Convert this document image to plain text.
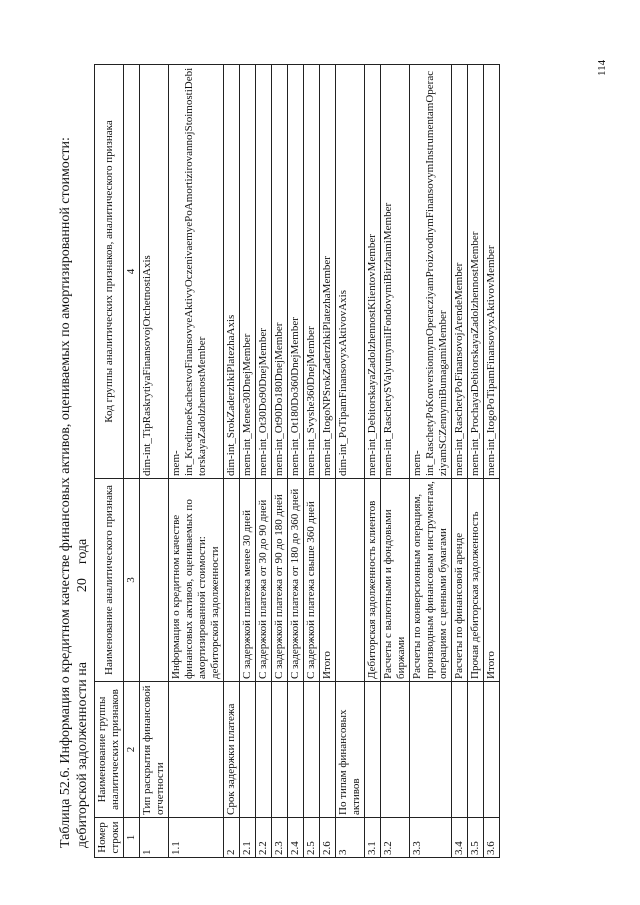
114
Таблица 52.6. Информация о кредитном качестве финансовых активов, оцениваемых по амортизированной стоимости: дебиторской задолженности на20года
Номер строки	Наименование группы аналитических признаков	Наименование аналитического признака	Код группы аналитических признаков, аналитического признака
1	2	3	4
1	Тип раскрытия финансовой отчетности		dim-int_TipRaskrytiyaFinansovojOtchetnostiAxis
1.1		Информация о кредитном качестве финансовых активов, оцениваемых по амортизированной стоимости: дебиторской задолженности	mem-int_KreditnoeKachestvoFinansovyeAktivyOczenivaemyePoAmortizirovannojStoimostiDebitorskayaZadolzhennostMember
2	Срок задержки платежа		dim-int_SrokZaderzhkiPlatezhaAxis
2.1		С задержкой платежа менее 30 дней	mem-int_Menee30DnejMember
2.2		С задержкой платежа от 30 до 90 дней	mem-int_Ot30Do90DnejMember
2.3		С задержкой платежа от 90 до 180 дней	mem-int_Ot90Do180DnejMember
2.4		С задержкой платежа от 180 до 360 дней	mem-int_Ot180Do360DnejMember
2.5		С задержкой платежа свыше 360 дней	mem-int_Svyshe360DnejMember
2.6		Итого	mem-int_ItogoNPSrokZaderzhkiPlatezhaMember
3	По типам финансовых активов		dim-int_PoTipamFinansovyxAktivovAxis
3.1		Дебиторская задолженность клиентов	mem-int_DebitorskayaZadolzhennostKlientovMember
3.2		Расчеты с валютными и фондовыми биржами	mem-int_RaschetySValyutnymiIFondovymiBirzhamiMember
3.3		Расчеты по конверсионным операциям, производным финансовым инструментам, операциям с ценными бумагами	mem-int_RaschetyPoKonversionnymOperacziyamProizvodnymFinansovymInstrumentamOperacziyamSCZennymiBumagamiMember
3.4		Расчеты по финансовой аренде	mem-int_RaschetyPoFinansovojArendeMember
3.5		Прочая дебиторская задолженность	mem-int_ProchayaDebitorskayaZadolzhennostMember
3.6		Итого	mem-int_ItogoPoTipamFinansovyxAktivovMember
